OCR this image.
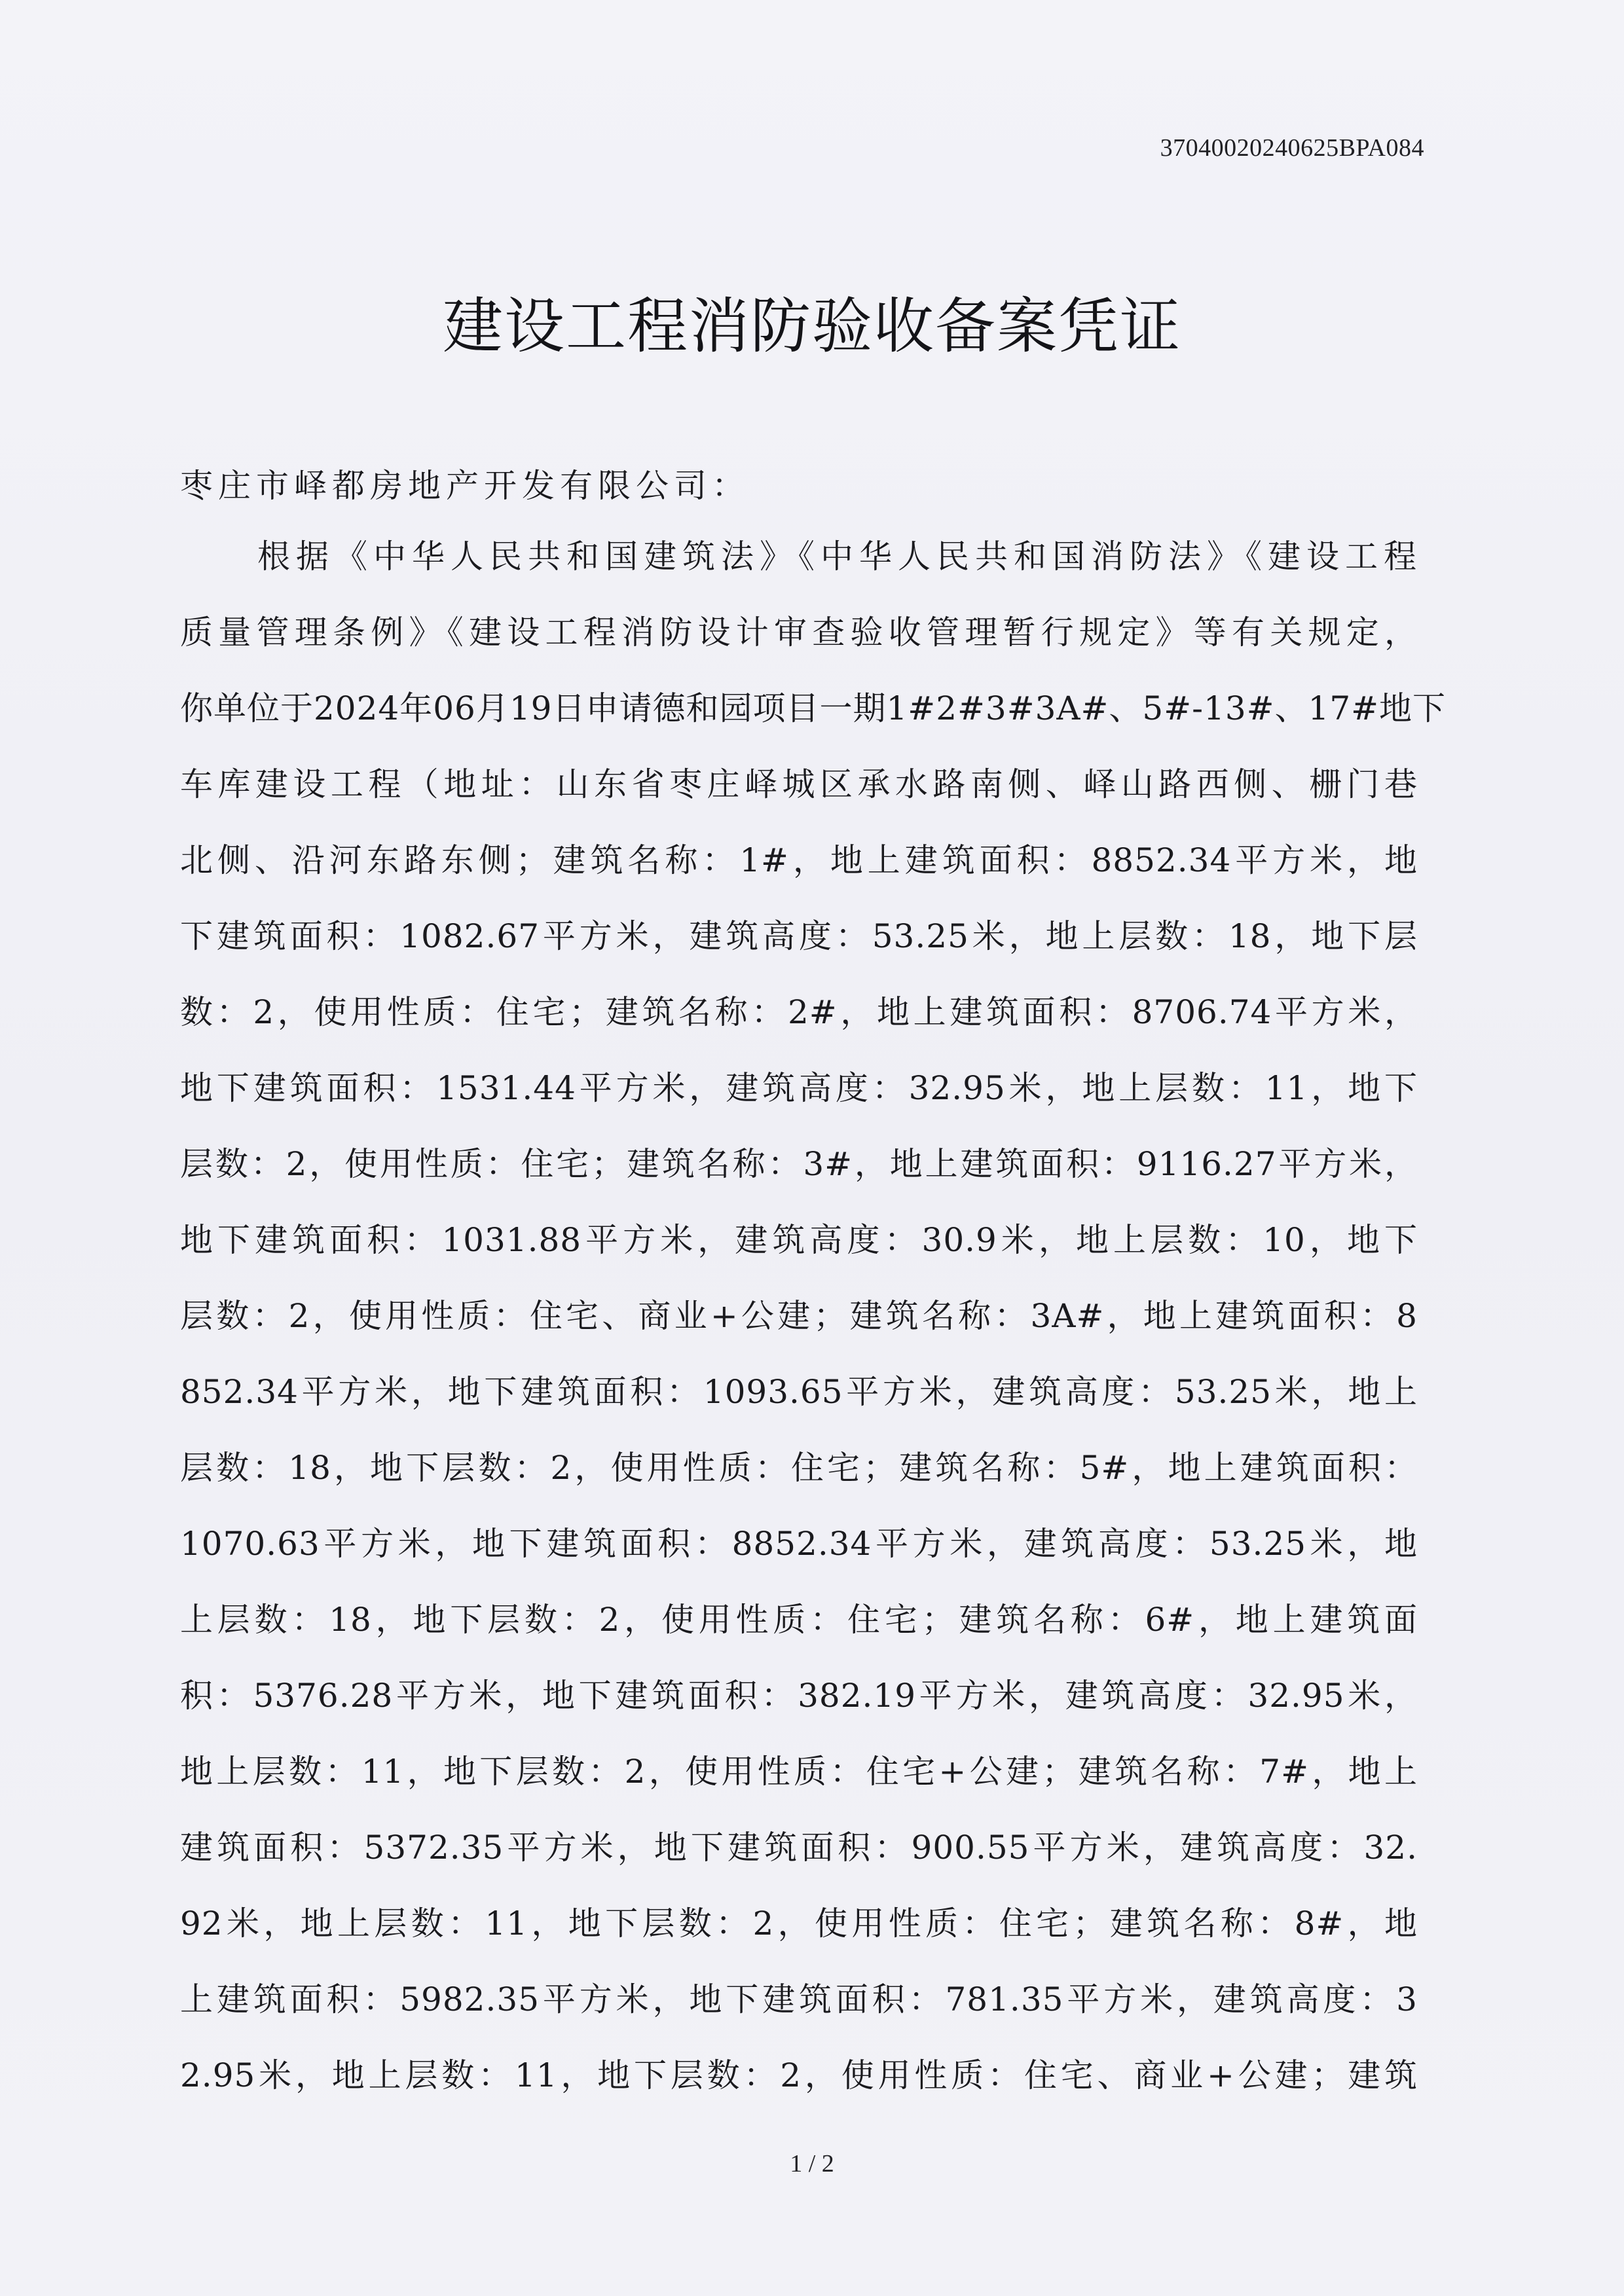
37040020240625BPA084
建设工程消防验收备案凭证
枣庄市峄都房地产开发有限公司：
根据《中华人民共和国建筑法》《中华人民共和国消防法》《建设工程
质量管理条例》《建设工程消防设计审查验收管理暂行规定》等有关规定，
你单位于2024年06月19日申请德和园项目一期1#2#3#3A#、5#-13#、17#地下
车库建设工程（地址：山东省枣庄峄城区承水路南侧、峄山路西侧、栅门巷
北侧、沿河东路东侧；建筑名称：1#，地上建筑面积：8852.34平方米，地
下建筑面积：1082.67平方米，建筑高度：53.25米，地上层数：18，地下层
数：2，使用性质：住宅；建筑名称：2#，地上建筑面积：8706.74平方米，
地下建筑面积：1531.44平方米，建筑高度：32.95米，地上层数：11，地下
层数：2，使用性质：住宅；建筑名称：3#，地上建筑面积：9116.27平方米，
地下建筑面积：1031.88平方米，建筑高度：30.9米，地上层数：10，地下
层数：2，使用性质：住宅、商业+公建；建筑名称：3A#，地上建筑面积：8
852.34平方米，地下建筑面积：1093.65平方米，建筑高度：53.25米，地上
层数：18，地下层数：2，使用性质：住宅；建筑名称：5#，地上建筑面积：
1070.63平方米，地下建筑面积：8852.34平方米，建筑高度：53.25米，地
上层数：18，地下层数：2，使用性质：住宅；建筑名称：6#，地上建筑面
积：5376.28平方米，地下建筑面积：382.19平方米，建筑高度：32.95米，
地上层数：11，地下层数：2，使用性质：住宅+公建；建筑名称：7#，地上
建筑面积：5372.35平方米，地下建筑面积：900.55平方米，建筑高度：32.
92米，地上层数：11，地下层数：2，使用性质：住宅；建筑名称：8#，地
上建筑面积：5982.35平方米，地下建筑面积：781.35平方米，建筑高度：3
2.95米，地上层数：11，地下层数：2，使用性质：住宅、商业+公建；建筑
1 / 2
